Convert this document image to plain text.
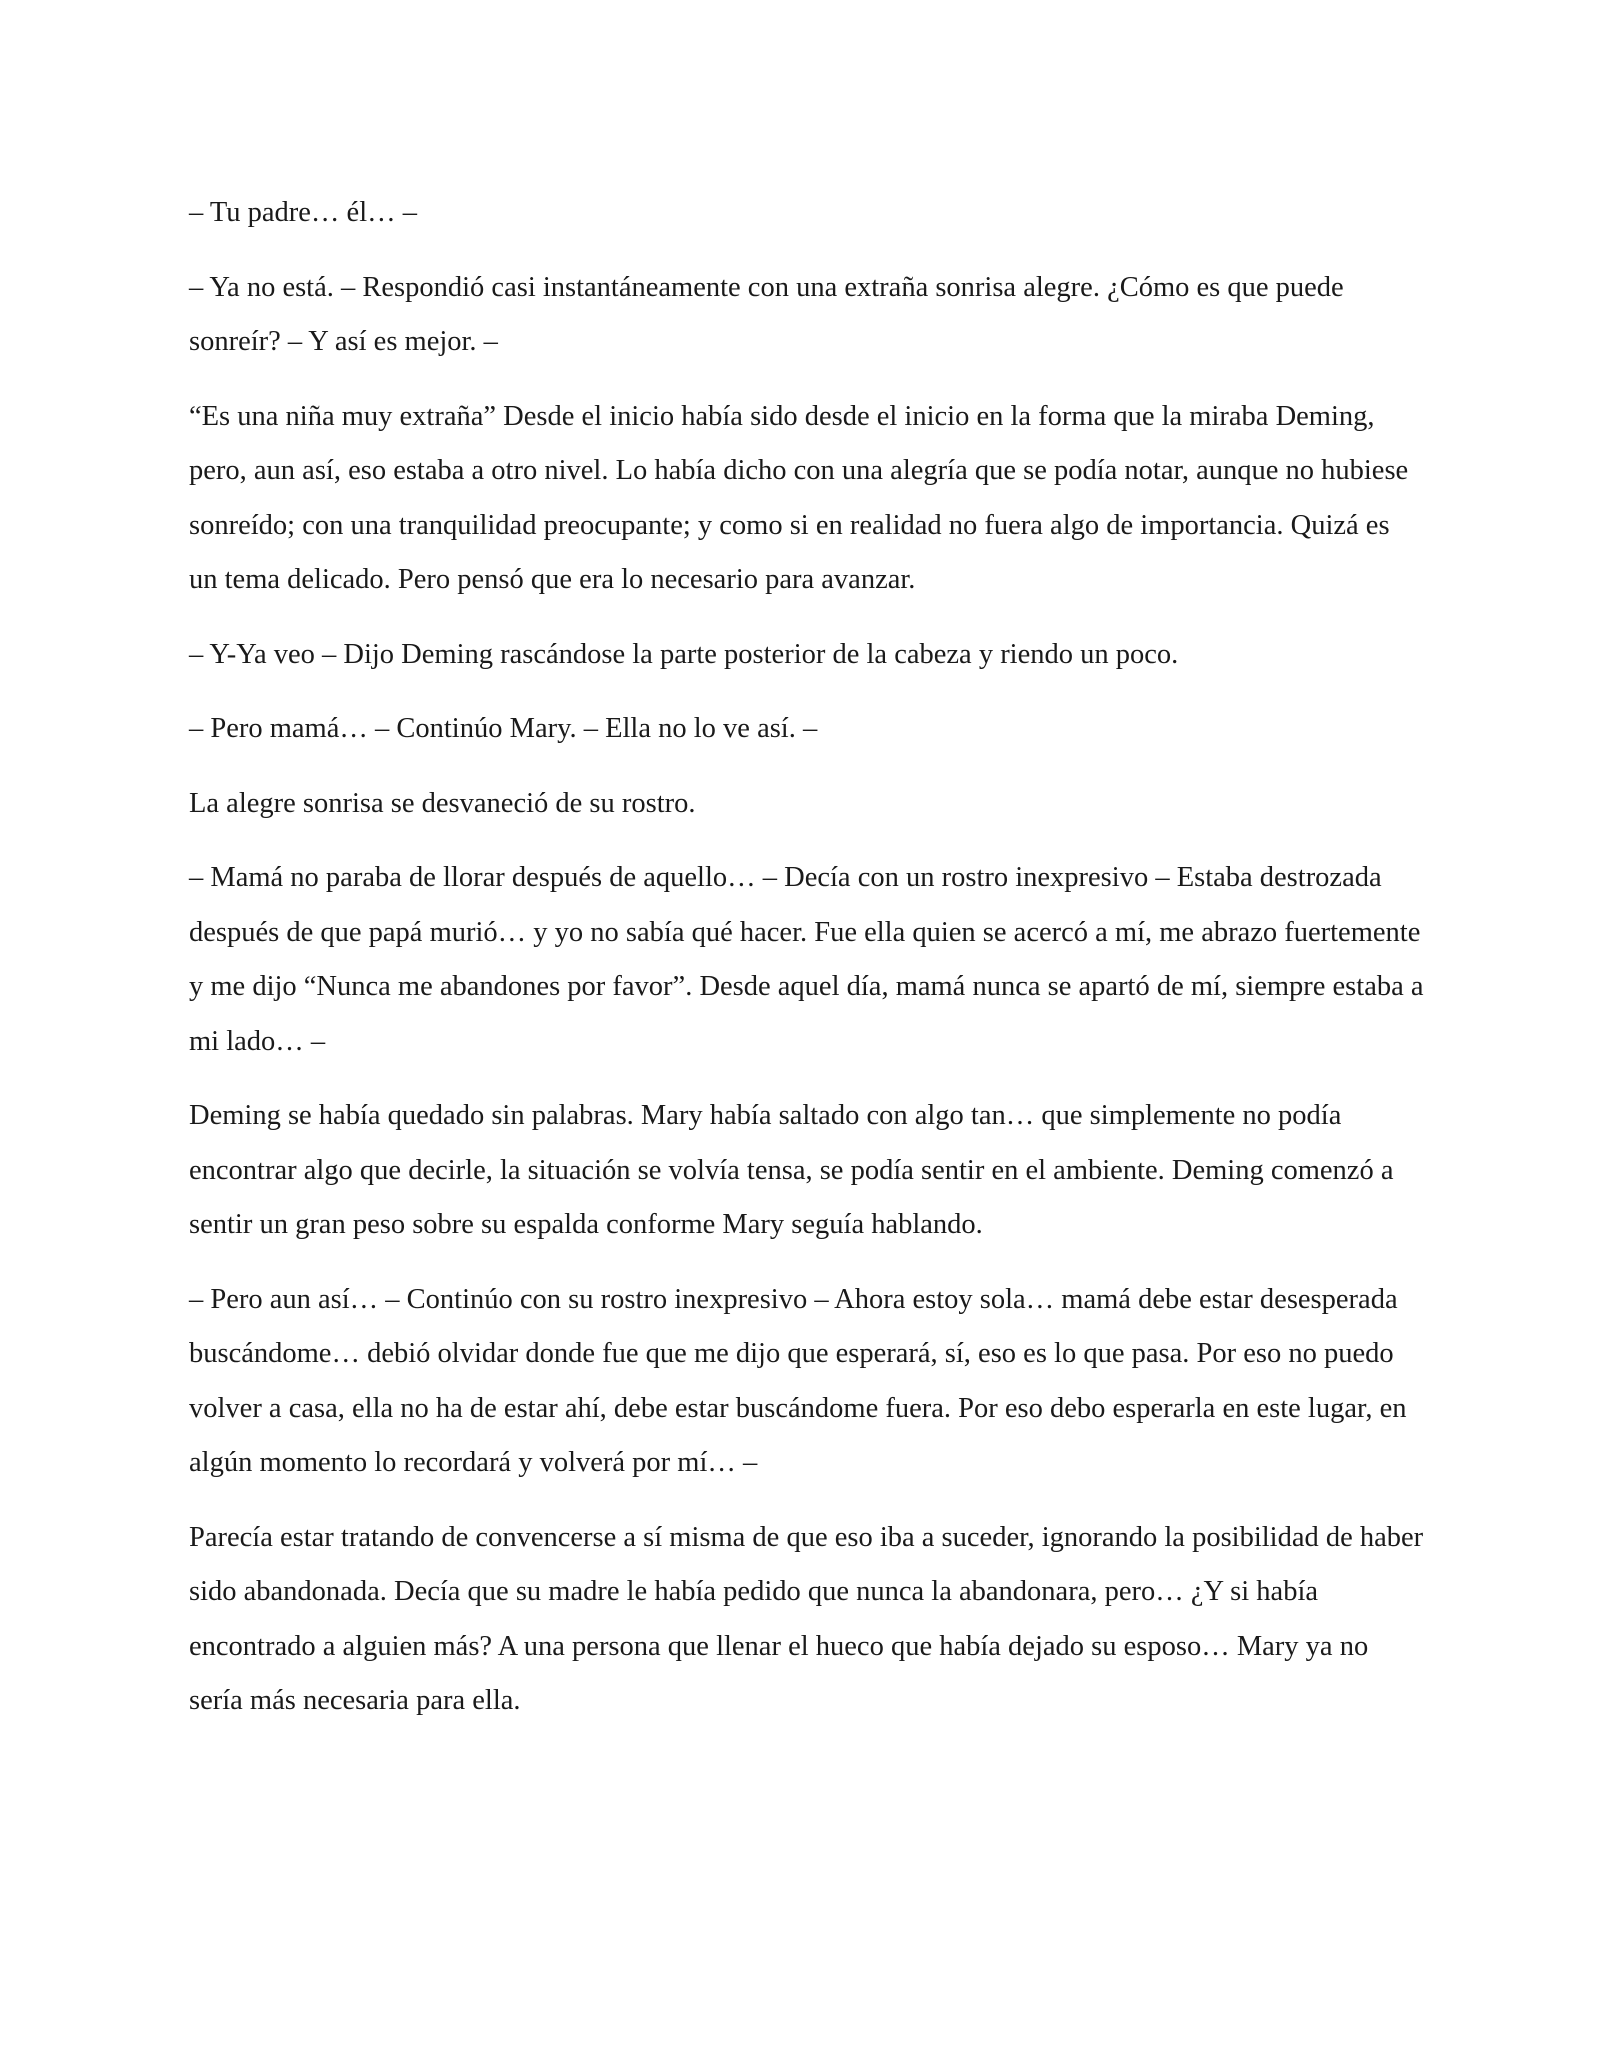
– Tu padre… él… –

– Ya no está. – Respondió casi instantáneamente con una extraña sonrisa alegre. ¿Cómo es que puede sonreír? – Y así es mejor. –

“Es una niña muy extraña” Desde el inicio había sido desde el inicio en la forma que la miraba Deming, pero, aun así, eso estaba a otro nivel. Lo había dicho con una alegría que se podía notar, aunque no hubiese sonreído; con una tranquilidad preocupante; y como si en realidad no fuera algo de importancia. Quizá es un tema delicado. Pero pensó que era lo necesario para avanzar.

– Y-Ya veo – Dijo Deming rascándose la parte posterior de la cabeza y riendo un poco.

– Pero mamá… – Continúo Mary. – Ella no lo ve así. –

La alegre sonrisa se desvaneció de su rostro.

– Mamá no paraba de llorar después de aquello… – Decía con un rostro inexpresivo – Estaba destrozada después de que papá murió… y yo no sabía qué hacer. Fue ella quien se acercó a mí, me abrazo fuertemente y me dijo “Nunca me abandones por favor”. Desde aquel día, mamá nunca se apartó de mí, siempre estaba a mi lado… –

Deming se había quedado sin palabras. Mary había saltado con algo tan… que simplemente no podía encontrar algo que decirle, la situación se volvía tensa, se podía sentir en el ambiente. Deming comenzó a sentir un gran peso sobre su espalda conforme Mary seguía hablando.

– Pero aun así… – Continúo con su rostro inexpresivo – Ahora estoy sola… mamá debe estar desesperada buscándome… debió olvidar donde fue que me dijo que esperará, sí, eso es lo que pasa. Por eso no puedo volver a casa, ella no ha de estar ahí, debe estar buscándome fuera. Por eso debo esperarla en este lugar, en algún momento lo recordará y volverá por mí… –

Parecía estar tratando de convencerse a sí misma de que eso iba a suceder, ignorando la posibilidad de haber sido abandonada. Decía que su madre le había pedido que nunca la abandonara, pero… ¿Y si había encontrado a alguien más? A una persona que llenar el hueco que había dejado su esposo… Mary ya no sería más necesaria para ella.
